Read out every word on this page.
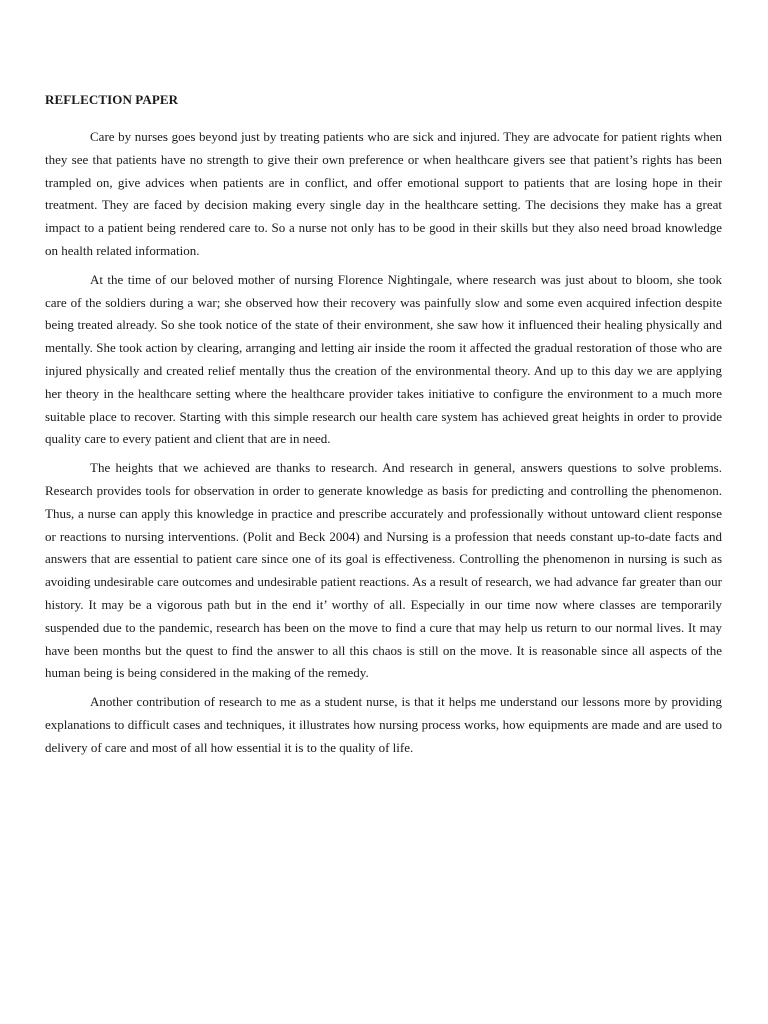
REFLECTION PAPER

Care by nurses goes beyond just by treating patients who are sick and injured. They are advocate for patient rights when they see that patients have no strength to give their own preference or when healthcare givers see that patient’s rights has been trampled on, give advices when patients are in conflict, and offer emotional support to patients that are losing hope in their treatment. They are faced by decision making every single day in the healthcare setting. The decisions they make has a great impact to a patient being rendered care to. So a nurse not only has to be good in their skills but they also need broad knowledge on health related information.

At the time of our beloved mother of nursing Florence Nightingale, where research was just about to bloom, she took care of the soldiers during a war; she observed how their recovery was painfully slow and some even acquired infection despite being treated already. So she took notice of the state of their environment, she saw how it influenced their healing physically and mentally. She took action by clearing, arranging and letting air inside the room it affected the gradual restoration of those who are injured physically and created relief mentally thus the creation of the environmental theory. And up to this day we are applying her theory in the healthcare setting where the healthcare provider takes initiative to configure the environment to a much more suitable place to recover. Starting with this simple research our health care system has achieved great heights in order to provide quality care to every patient and client that are in need.

The heights that we achieved are thanks to research. And research in general, answers questions to solve problems. Research provides tools for observation in order to generate knowledge as basis for predicting and controlling the phenomenon. Thus, a nurse can apply this knowledge in practice and prescribe accurately and professionally without untoward client response or reactions to nursing interventions. (Polit and Beck 2004) and Nursing is a profession that needs constant up-to-date facts and answers that are essential to patient care since one of its goal is effectiveness. Controlling the phenomenon in nursing is such as avoiding undesirable care outcomes and undesirable patient reactions. As a result of research, we had advance far greater than our history. It may be a vigorous path but in the end it’ worthy of all. Especially in our time now where classes are temporarily suspended due to the pandemic, research has been on the move to find a cure that may help us return to our normal lives. It may have been months but the quest to find the answer to all this chaos is still on the move. It is reasonable since all aspects of the human being is being considered in the making of the remedy.

Another contribution of research to me as a student nurse, is that it helps me understand our lessons more by providing explanations to difficult cases and techniques, it illustrates how nursing process works, how equipments are made and are used to delivery of care and most of all how essential it is to the quality of life.
